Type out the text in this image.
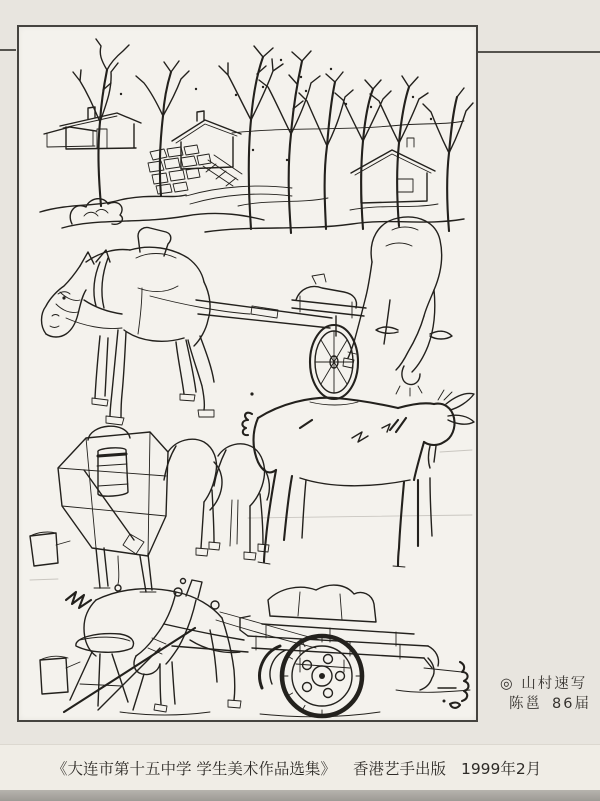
◎ 山村速写
陈邕 86届
《大连市第十五中学 学生美术作品选集》 香港艺手出版 1999年2月
